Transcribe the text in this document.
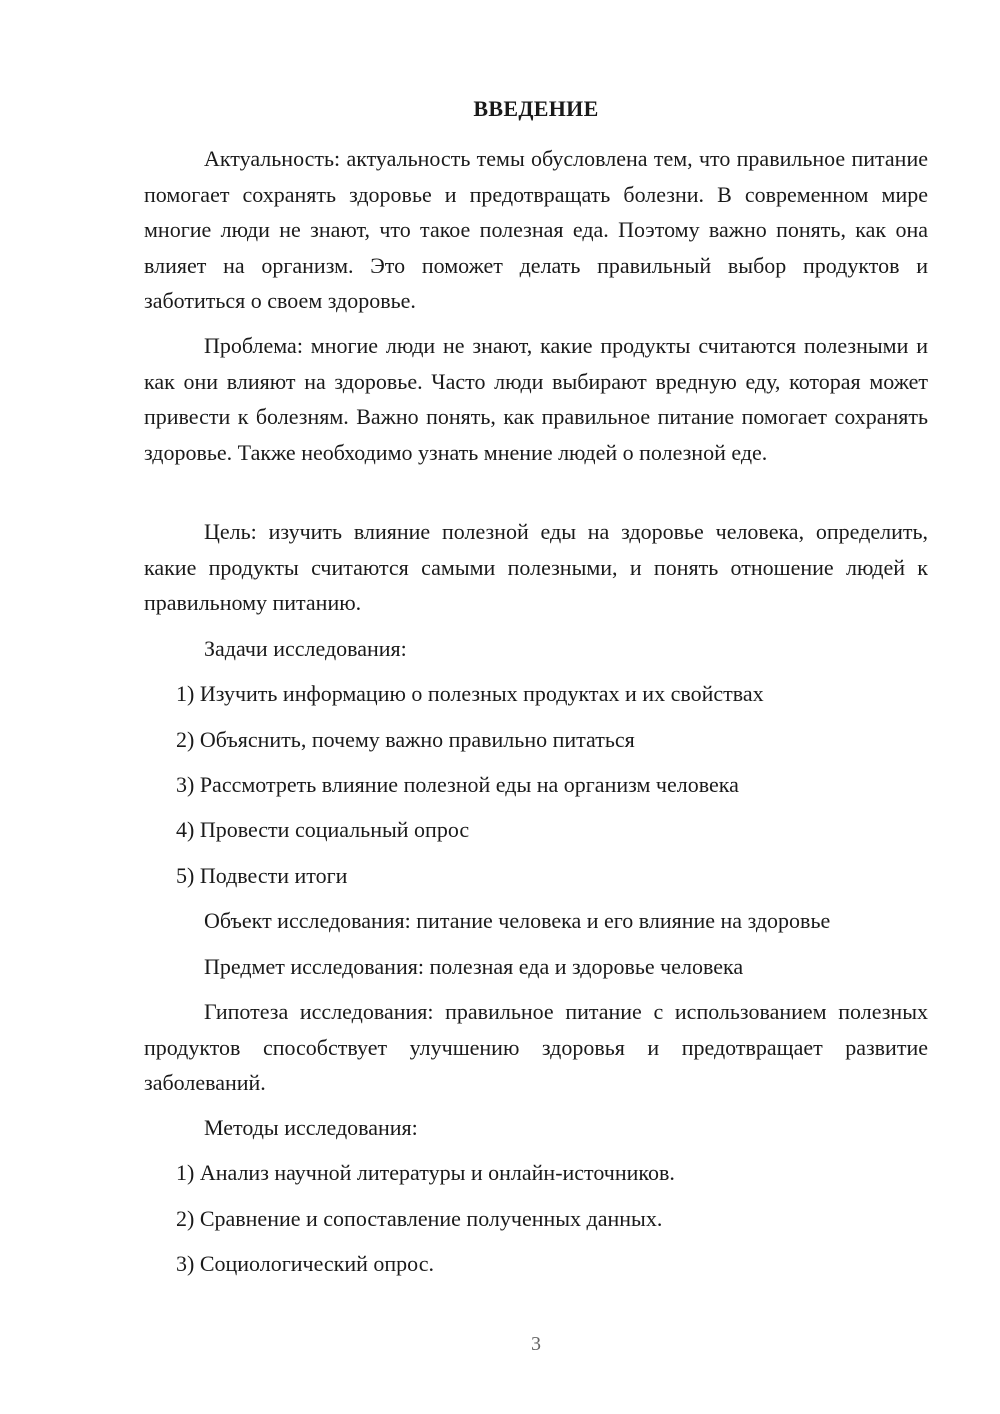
ВВЕДЕНИЕ

Актуальность: актуальность темы обусловлена тем, что правильное питание помогает сохранять здоровье и предотвращать болезни. В современном мире многие люди не знают, что такое полезная еда. Поэтому важно понять, как она влияет на организм. Это поможет делать правильный выбор продуктов и заботиться о своем здоровье.

Проблема: многие люди не знают, какие продукты считаются полезными и как они влияют на здоровье. Часто люди выбирают вредную еду, которая может привести к болезням. Важно понять, как правильное питание помогает сохранять здоровье. Также необходимо узнать мнение людей о полезной еде.

Цель: изучить влияние полезной еды на здоровье человека, определить, какие продукты считаются самыми полезными, и понять отношение людей к правильному питанию.

Задачи исследования:

1) Изучить информацию о полезных продуктах и их свойствах

2) Объяснить, почему важно правильно питаться

3) Рассмотреть влияние полезной еды на организм человека

4) Провести социальный опрос

5) Подвести итоги

Объект исследования: питание человека и его влияние на здоровье

Предмет исследования: полезная еда и здоровье человека

Гипотеза исследования: правильное питание с использованием полезных продуктов способствует улучшению здоровья и предотвращает развитие заболеваний.

Методы исследования:

1) Анализ научной литературы и онлайн-источников.

2) Сравнение и сопоставление полученных данных.

3) Социологический опрос.

3
